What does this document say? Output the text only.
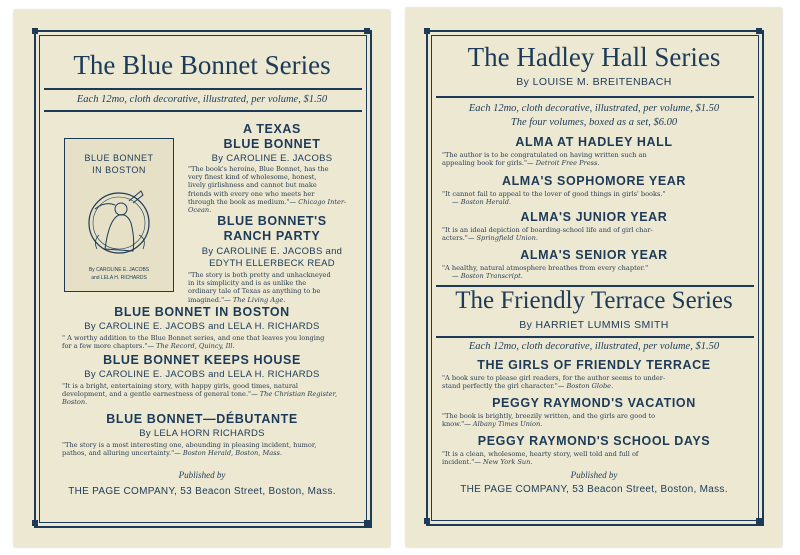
The Blue Bonnet Series
Each 12mo, cloth decorative, illustrated, per volume, $1.50
BLUE BONNET
IN BOSTON
By CAROLINE E. JACOBS
and LELA H. RICHARDS
A TEXAS
BLUE BONNET
By CAROLINE E. JACOBS
"The book's heroine, Blue Bonnet, has the
very finest kind of wholesome, honest,
lively girlishness and cannot but make
friends with every one who meets her
through the book as medium."— Chicago Inter-Ocean.
BLUE BONNET'S
RANCH PARTY
By CAROLINE E. JACOBS and
EDYTH ELLERBECK READ
"The story is both pretty and unhackneyed
in its simplicity and is as unlike the
ordinary tale of Texas as anything to be
imagined."— The Living Age.
BLUE BONNET IN BOSTON
By CAROLINE E. JACOBS and LELA H. RICHARDS
" A worthy addition to the Blue Bonnet series, and one that leaves you longing
for a few more chapters."— The Record, Quincy, Ill.
BLUE BONNET KEEPS HOUSE
By CAROLINE E. JACOBS and LELA H. RICHARDS
"It is a bright, entertaining story, with happy girls, good times, natural
development, and a gentle earnestness of general tone."— The Christian Register, Boston.
BLUE BONNET—DÉBUTANTE
By LELA HORN RICHARDS
"The story is a most interesting one, abounding in pleasing incident, humor,
pathos, and alluring uncertainty."— Boston Herald, Boston, Mass.
Published by
THE PAGE COMPANY, 53 Beacon Street, Boston, Mass.
The Hadley Hall Series
By LOUISE M. BREITENBACH
Each 12mo, cloth decorative, illustrated, per volume, $1.50
The four volumes, boxed as a set, $6.00
ALMA AT HADLEY HALL
"The author is to be congratulated on having written such an
appealing book for girls."— Detroit Free Press.
ALMA'S SOPHOMORE YEAR
"It cannot fail to appeal to the lover of good things in girls' books."
— Boston Herald.
ALMA'S JUNIOR YEAR
"It is an ideal depiction of boarding-school life and of girl char-
acters."— Springfield Union.
ALMA'S SENIOR YEAR
"A healthy, natural atmosphere breathes from every chapter."
— Boston Transcript.
The Friendly Terrace Series
By HARRIET LUMMIS SMITH
Each 12mo, cloth decorative, illustrated, per volume, $1.50
THE GIRLS OF FRIENDLY TERRACE
"A book sure to please girl readers, for the author seems to under-
stand perfectly the girl character."— Boston Globe.
PEGGY RAYMOND'S VACATION
"The book is brightly, breezily written, and the girls are good to
know."— Albany Times Union.
PEGGY RAYMOND'S SCHOOL DAYS
"It is a clean, wholesome, hearty story, well told and full of
incident."— New York Sun.
Published by
THE PAGE COMPANY, 53 Beacon Street, Boston, Mass.
